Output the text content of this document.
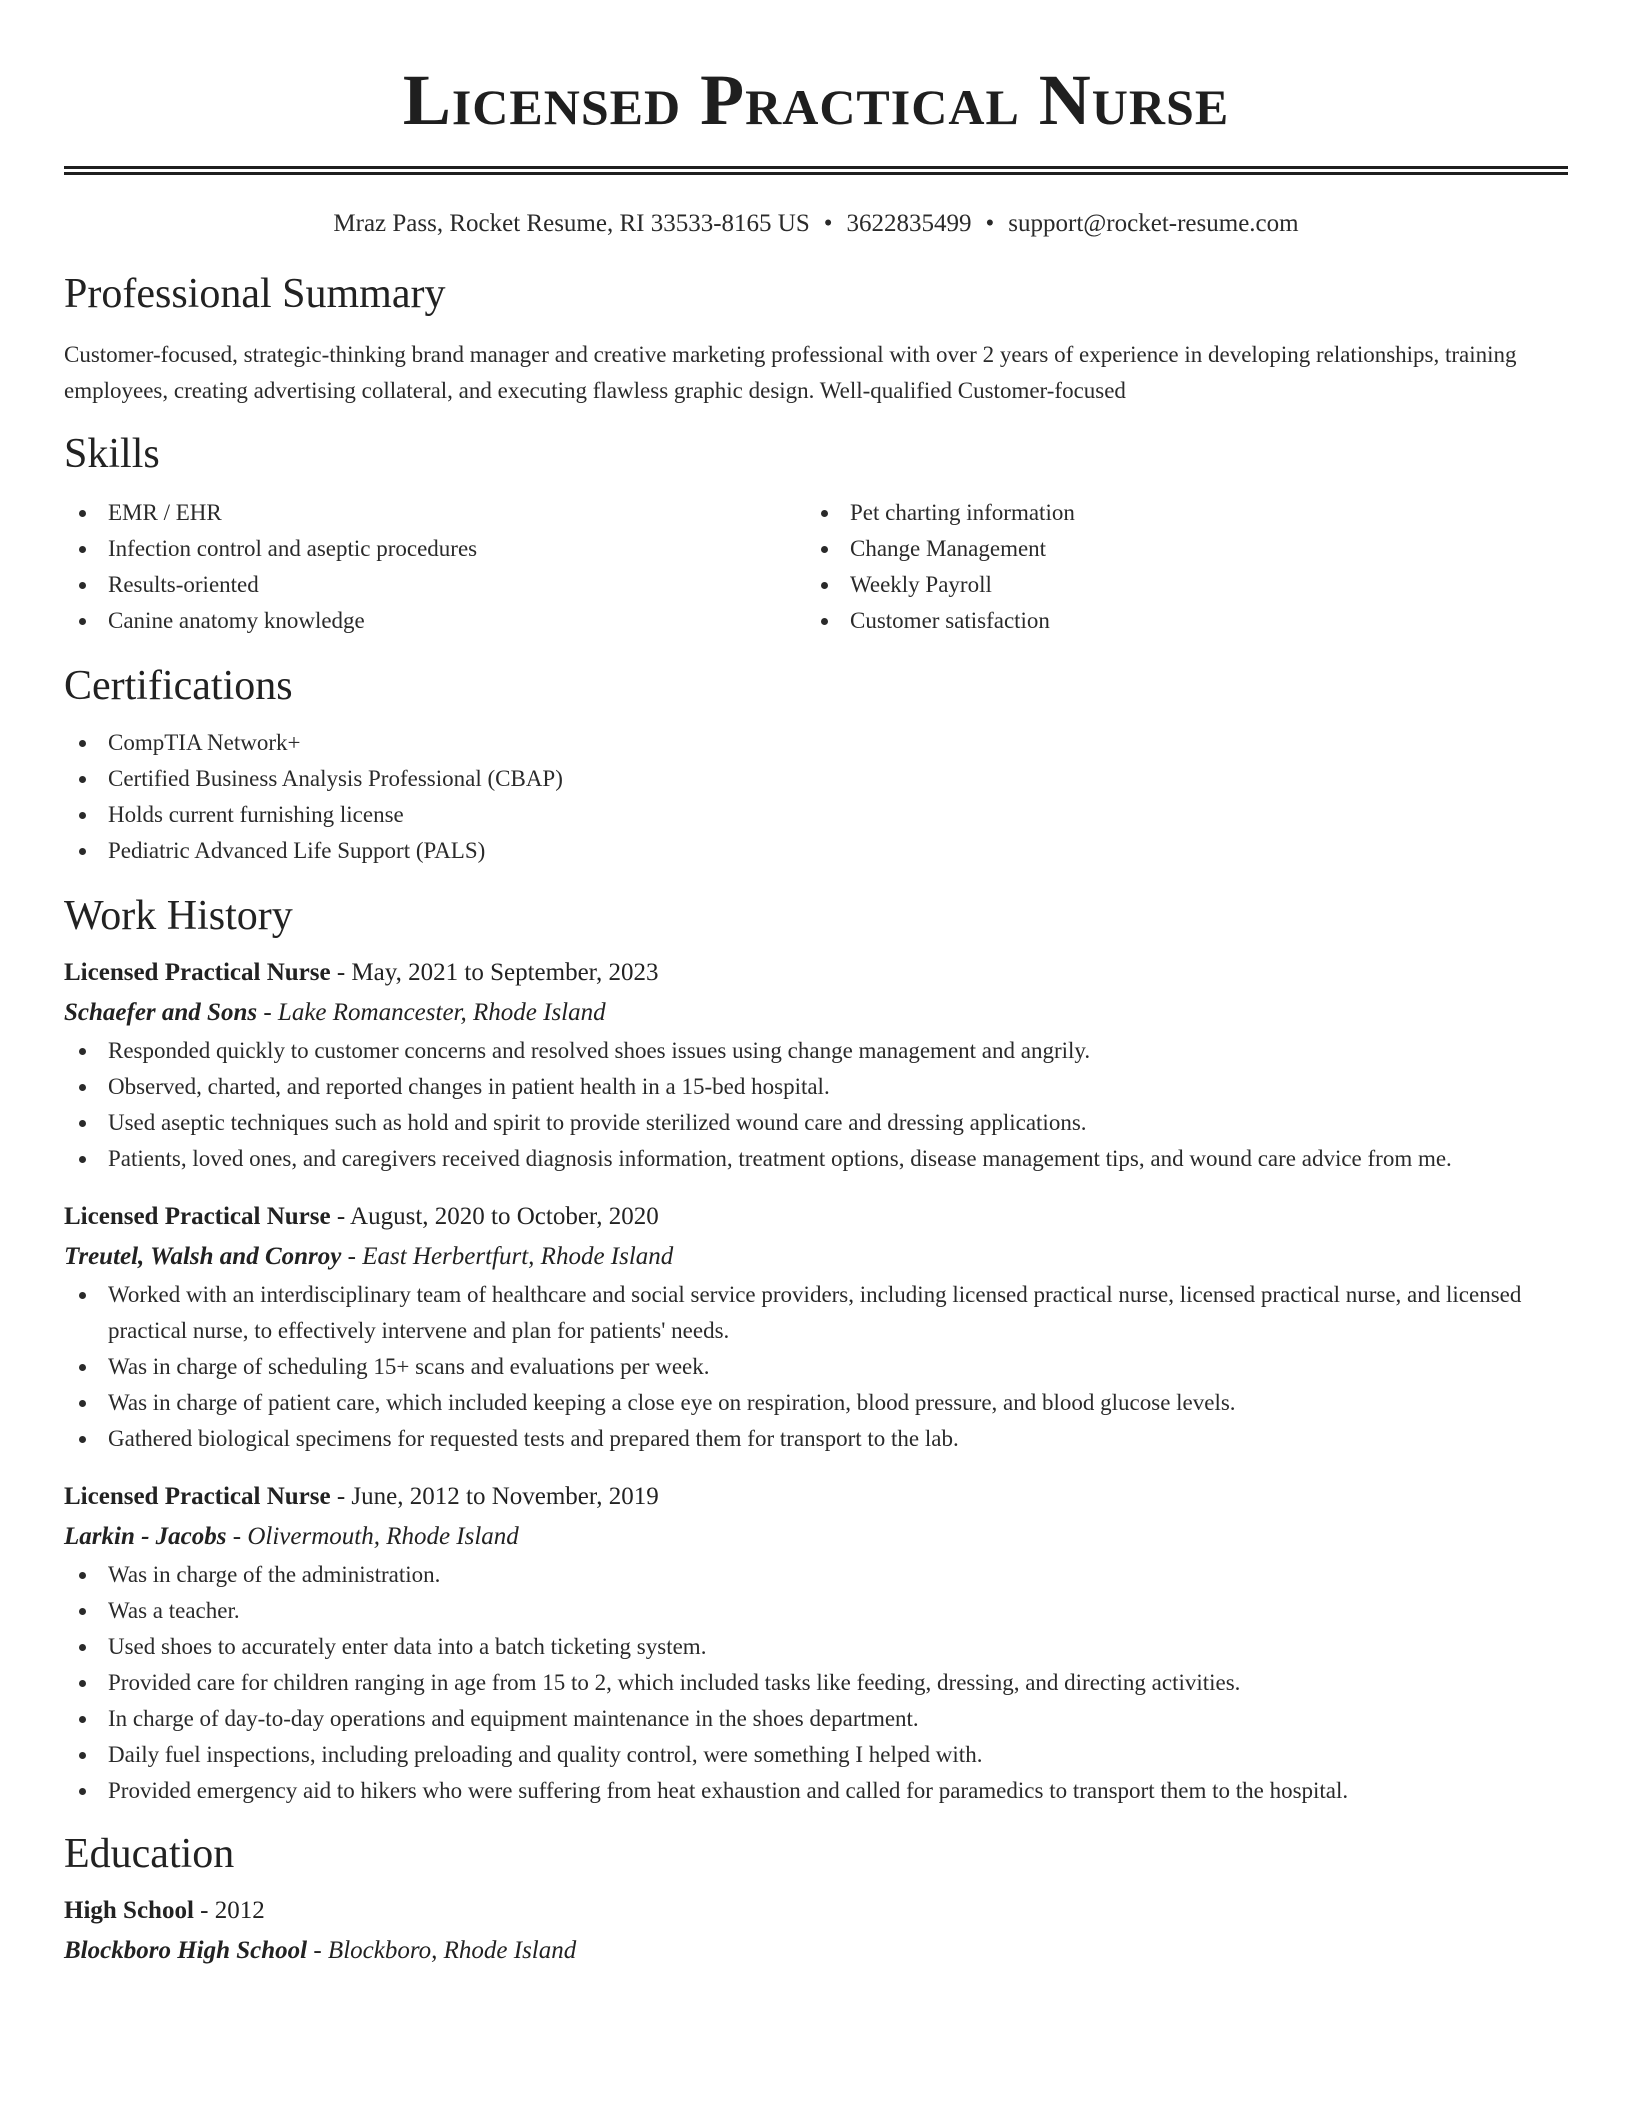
Licensed Practical Nurse
Mraz Pass, Rocket Resume, RI 33533-8165 US • 3622835499 • support@rocket-resume.com
Professional Summary

Customer-focused, strategic-thinking brand manager and creative marketing professional with over 2 years of experience in developing relationships, training employees, creating advertising collateral, and executing flawless graphic design. Well-qualified Customer-focused

Skills
EMR / EHR
Infection control and aseptic procedures
Results-oriented
Canine anatomy knowledge
Pet charting information
Change Management
Weekly Payroll
Customer satisfaction
Certifications
CompTIA Network+
Certified Business Analysis Professional (CBAP)
Holds current furnishing license
Pediatric Advanced Life Support (PALS)
Work History
Licensed Practical Nurse - May, 2021 to September, 2023
Schaefer and Sons - Lake Romancester, Rhode Island
Responded quickly to customer concerns and resolved shoes issues using change management and angrily.
Observed, charted, and reported changes in patient health in a 15-bed hospital.
Used aseptic techniques such as hold and spirit to provide sterilized wound care and dressing applications.
Patients, loved ones, and caregivers received diagnosis information, treatment options, disease management tips, and wound care advice from me.
Licensed Practical Nurse - August, 2020 to October, 2020
Treutel, Walsh and Conroy - East Herbertfurt, Rhode Island
Worked with an interdisciplinary team of healthcare and social service providers, including licensed practical nurse, licensed practical nurse, and licensed practical nurse, to effectively intervene and plan for patients' needs.
Was in charge of scheduling 15+ scans and evaluations per week.
Was in charge of patient care, which included keeping a close eye on respiration, blood pressure, and blood glucose levels.
Gathered biological specimens for requested tests and prepared them for transport to the lab.
Licensed Practical Nurse - June, 2012 to November, 2019
Larkin - Jacobs - Olivermouth, Rhode Island
Was in charge of the administration.
Was a teacher.
Used shoes to accurately enter data into a batch ticketing system.
Provided care for children ranging in age from 15 to 2, which included tasks like feeding, dressing, and directing activities.
In charge of day-to-day operations and equipment maintenance in the shoes department.
Daily fuel inspections, including preloading and quality control, were something I helped with.
Provided emergency aid to hikers who were suffering from heat exhaustion and called for paramedics to transport them to the hospital.
Education
High School - 2012
Blockboro High School - Blockboro, Rhode Island
